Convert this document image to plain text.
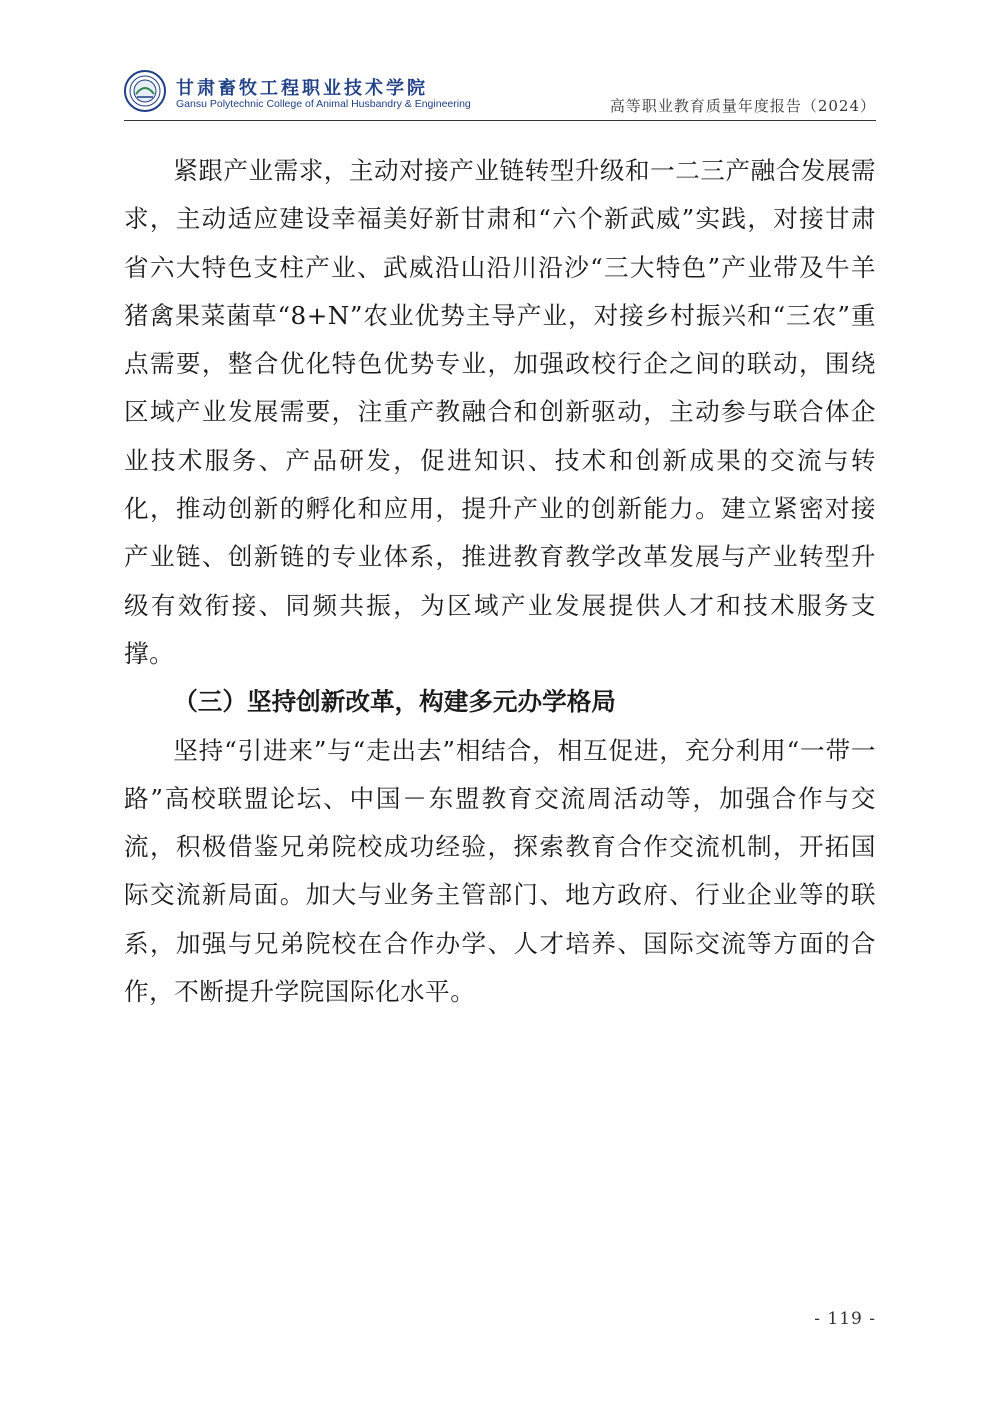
甘肃畜牧工程职业技术学院
Gansu Polytechnic College of Animal Husbandry & Engineering	高等职业教育质量年度报告（2024）

紧跟产业需求，主动对接产业链转型升级和一二三产融合发展需求，主动适应建设幸福美好新甘肃和“六个新武威”实践，对接甘肃省六大特色支柱产业、武威沿山沿川沿沙“三大特色”产业带及牛羊猪禽果菜菌草“8+N”农业优势主导产业，对接乡村振兴和“三农”重点需要，整合优化特色优势专业，加强政校行企之间的联动，围绕区域产业发展需要，注重产教融合和创新驱动，主动参与联合体企业技术服务、产品研发，促进知识、技术和创新成果的交流与转化，推动创新的孵化和应用，提升产业的创新能力。建立紧密对接产业链、创新链的专业体系，推进教育教学改革发展与产业转型升级有效衔接、同频共振，为区域产业发展提供人才和技术服务支撑。

（三）坚持创新改革，构建多元办学格局

坚持“引进来”与“走出去”相结合，相互促进，充分利用“一带一路”高校联盟论坛、中国－东盟教育交流周活动等，加强合作与交流，积极借鉴兄弟院校成功经验，探索教育合作交流机制，开拓国际交流新局面。加大与业务主管部门、地方政府、行业企业等的联系，加强与兄弟院校在合作办学、人才培养、国际交流等方面的合作，不断提升学院国际化水平。

- 119 -
